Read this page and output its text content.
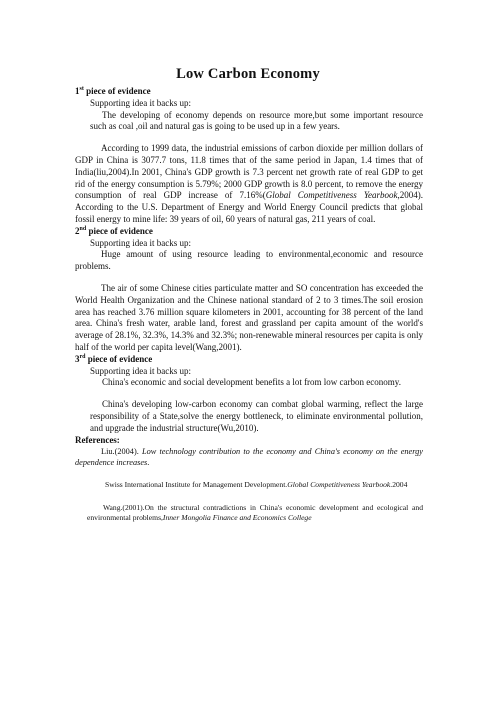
Low Carbon Economy

1st piece of evidence

Supporting idea it backs up:

The developing of economy depends on resource more,but some important resource such as coal ,oil and natural gas is going to be used up in a few years.

According to 1999 data, the industrial emissions of carbon dioxide per million dollars of GDP in China is 3077.7 tons, 11.8 times that of the same period in Japan, 1.4 times that of India(liu,2004).In 2001, China's GDP growth is 7.3 percent net growth rate of real GDP to get rid of the energy consumption is 5.79%; 2000 GDP growth is 8.0 percent, to remove the energy consumption of real GDP increase of 7.16%(Global Competitiveness Yearbook,2004). According to the U.S. Department of Energy and World Energy Council predicts that global fossil energy to mine life: 39 years of oil, 60 years of natural gas, 211 years of coal.

2nd piece of evidence

Supporting idea it backs up:

Huge amount of using resource leading to environmental,economic and resource problems.

The air of some Chinese cities particulate matter and SO concentration has exceeded the World Health Organization and the Chinese national standard of 2 to 3 times.The soil erosion area has reached 3.76 million square kilometers in 2001, accounting for 38 percent of the land area. China's fresh water, arable land, forest and grassland per capita amount of the world's average of 28.1%, 32.3%, 14.3% and 32.3%; non-renewable mineral resources per capita is only half of the world per capita level(Wang,2001).

3rd piece of evidence

Supporting idea it backs up:

China's economic and social development benefits a lot from low carbon economy.

China's developing low-carbon economy can combat global warming, reflect the large responsibility of a State,solve the energy bottleneck, to eliminate environmental pollution, and upgrade the industrial structure(Wu,2010).

References:

Liu.(2004). Low technology contribution to the economy and China's economy on the energy dependence increases.

Swiss International Institute for Management Development.Global Competitiveness Yearbook.2004

Wang.(2001).On the structural contradictions in China's economic development and ecological and environmental problems,Inner Mongolia Finance and Economics College
